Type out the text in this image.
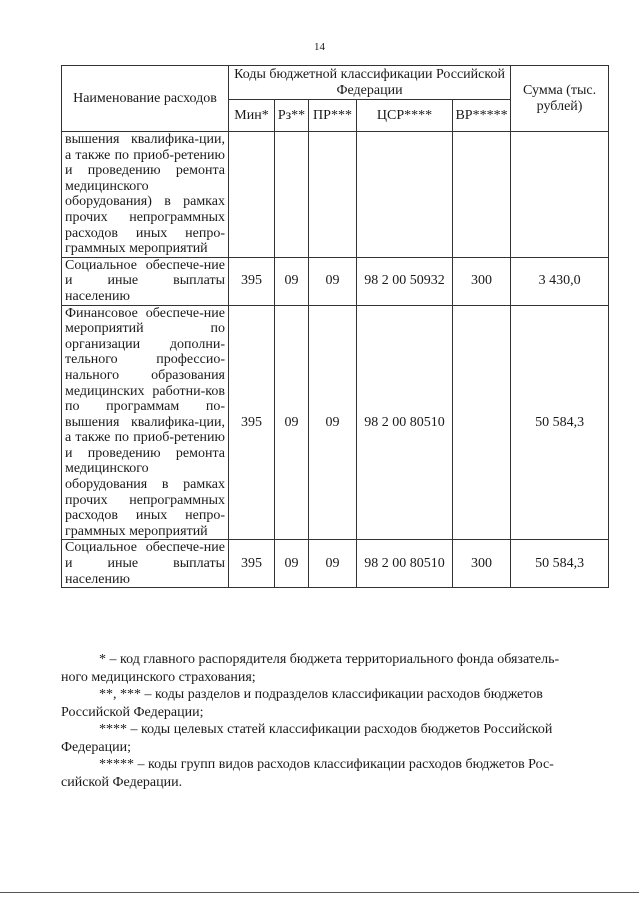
14
Наименование расходов	Коды бюджетной классификации Российской Федерации					Сумма (тыс. рублей)
	Мин*	Рз**	ПР***	ЦСР****	ВР*****	
вышения квалифика-ции, а также по приоб-ретению и проведению ремонта медицинского оборудования) в рамках прочих непрограммных расходов иных непро-граммных мероприятий						
Социальное обеспече-ние и иные выплаты населению	395	09	09	98 2 00 50932	300	3 430,0
Финансовое обеспече-ние мероприятий по организации дополни-тельного профессио-нального образования медицинских работни-ков по программам по-вышения квалифика-ции, а также по приоб-ретению и проведению ремонта медицинского оборудования в рамках прочих непрограммных расходов иных непро-граммных мероприятий	395	09	09	98 2 00 80510		50 584,3
Социальное обеспече-ние и иные выплаты населению	395	09	09	98 2 00 80510	300	50 584,3

* – код главного распорядителя бюджета территориального фонда обязатель-

ного медицинского страхования;

**, *** – коды разделов и подразделов классификации расходов бюджетов

Российской Федерации;

**** – коды целевых статей классификации расходов бюджетов Российской

Федерации;

***** – коды групп видов расходов классификации расходов бюджетов Рос-

сийской Федерации.
